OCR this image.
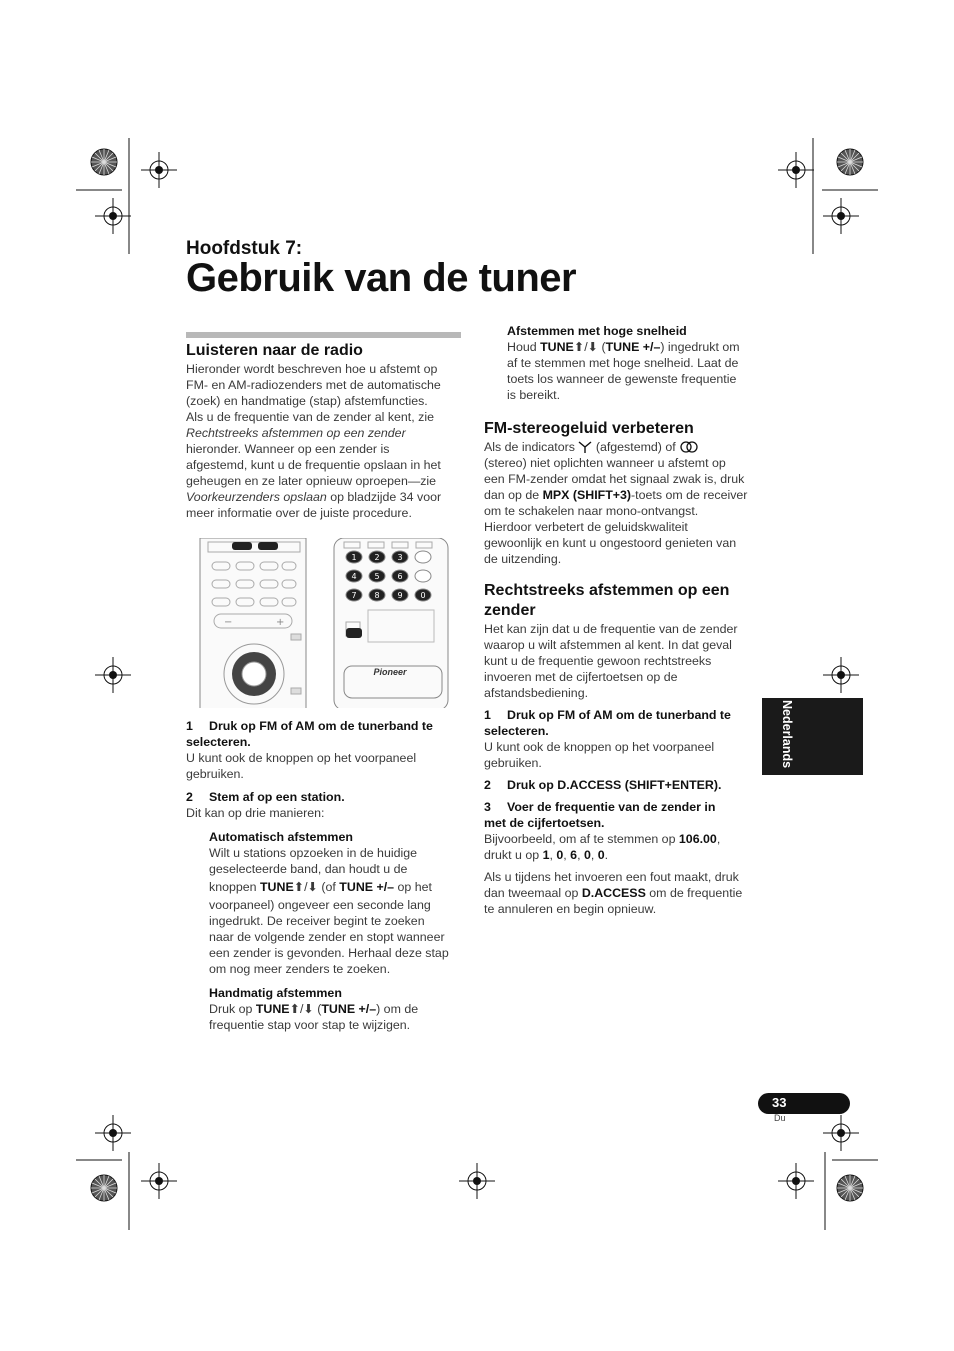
Hoofdstuk 7:
Gebruik van de tuner

Luisteren naar de radio

Hieronder wordt beschreven hoe u afstemt op

FM- en AM-radiozenders met de automatische

(zoek) en handmatige (stap) afstemfuncties.

Als u de frequentie van de zender al kent, zie

Rechtstreeks afstemmen op een zender

hieronder. Wanneer op een zender is

afgestemd, kunt u de frequentie opslaan in het

geheugen en ze later opnieuw oproepen—zie

Voorkeurzenders opslaan op bladzijde 34 voor

meer informatie over de juiste procedure.

−	+
1 2 3
4 5 6
7 8 9 0
Pioneer

1 Druk op FM of AM om de tunerband te

selecteren.

U kunt ook de knoppen op het voorpaneel

gebruiken.

2 Stem af op een station.

Dit kan op drie manieren:

Automatisch afstemmen

Wilt u stations opzoeken in de huidige

geselecteerde band, dan houdt u de

knoppen TUNE⬆/⬇ (of TUNE +/– op het

voorpaneel) ongeveer een seconde lang

ingedrukt. De receiver begint te zoeken

naar de volgende zender en stopt wanneer

een zender is gevonden. Herhaal deze stap

om nog meer zenders te zoeken.

Handmatig afstemmen

Druk op TUNE⬆/⬇ (TUNE +/–) om de

frequentie stap voor stap te wijzigen.

Afstemmen met hoge snelheid

Houd TUNE⬆/⬇ (TUNE +/–) ingedrukt om

af te stemmen met hoge snelheid. Laat de

toets los wanneer de gewenste frequentie

is bereikt.

FM-stereogeluid verbeteren

Als de indicators  (afgestemd) of

(stereo) niet oplichten wanneer u afstemt op

een FM-zender omdat het signaal zwak is, druk

dan op de MPX (SHIFT+3)-toets om de receiver

om te schakelen naar mono-ontvangst.

Hierdoor verbetert de geluidskwaliteit

gewoonlijk en kunt u ongestoord genieten van

de uitzending.

Rechtstreeks afstemmen op een

zender

Het kan zijn dat u de frequentie van de zender

waarop u wilt afstemmen al kent. In dat geval

kunt u de frequentie gewoon rechtstreeks

invoeren met de cijfertoetsen op de

afstandsbediening.

1 Druk op FM of AM om de tunerband te

selecteren.

U kunt ook de knoppen op het voorpaneel

gebruiken.

2 Druk op D.ACCESS (SHIFT+ENTER).

3 Voer de frequentie van de zender in

met de cijfertoetsen.

Bijvoorbeeld, om af te stemmen op 106.00,

drukt u op 1, 0, 6, 0, 0.

Als u tijdens het invoeren een fout maakt, druk

dan tweemaal op D.ACCESS om de frequentie

te annuleren en begin opnieuw.

Nederlands
33
Du
